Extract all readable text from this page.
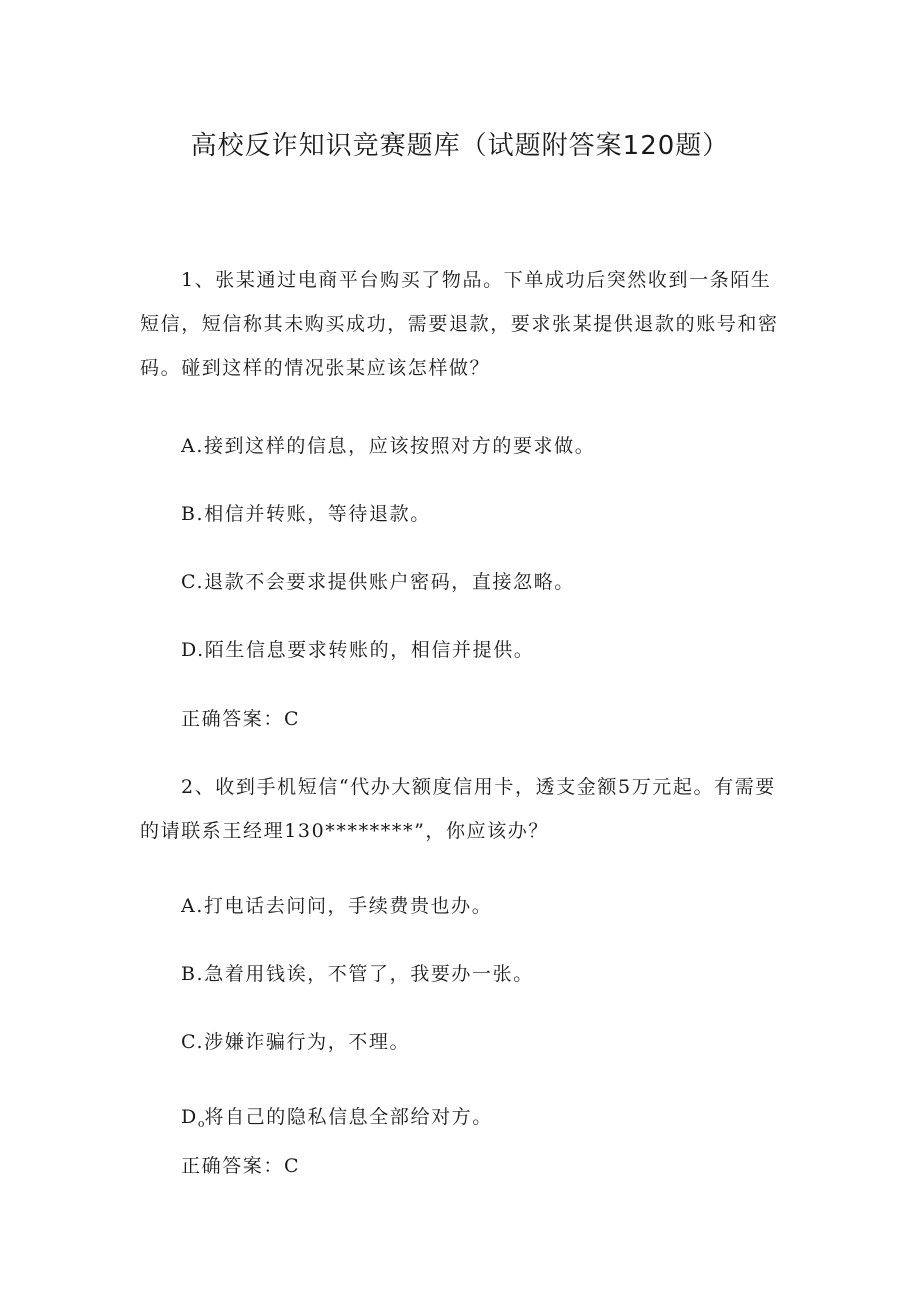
高校反诈知识竞赛题库（试题附答案120题）

1、张某通过电商平台购买了物品。下单成功后突然收到一条陌生短信，短信称其未购买成功，需要退款，要求张某提供退款的账号和密码。碰到这样的情况张某应该怎样做？

A.接到这样的信息，应该按照对方的要求做。

B.相信并转账，等待退款。

C.退款不会要求提供账户密码，直接忽略。

D.陌生信息要求转账的，相信并提供。

正确答案：C

2、收到手机短信“代办大额度信用卡，透支金额5万元起。有需要的请联系王经理130********”，你应该办？

A.打电话去问问，手续费贵也办。

B.急着用钱诶，不管了，我要办一张。

C.涉嫌诈骗行为，不理。

$D_o$将自己的隐私信息全部给对方。

正确答案：C
